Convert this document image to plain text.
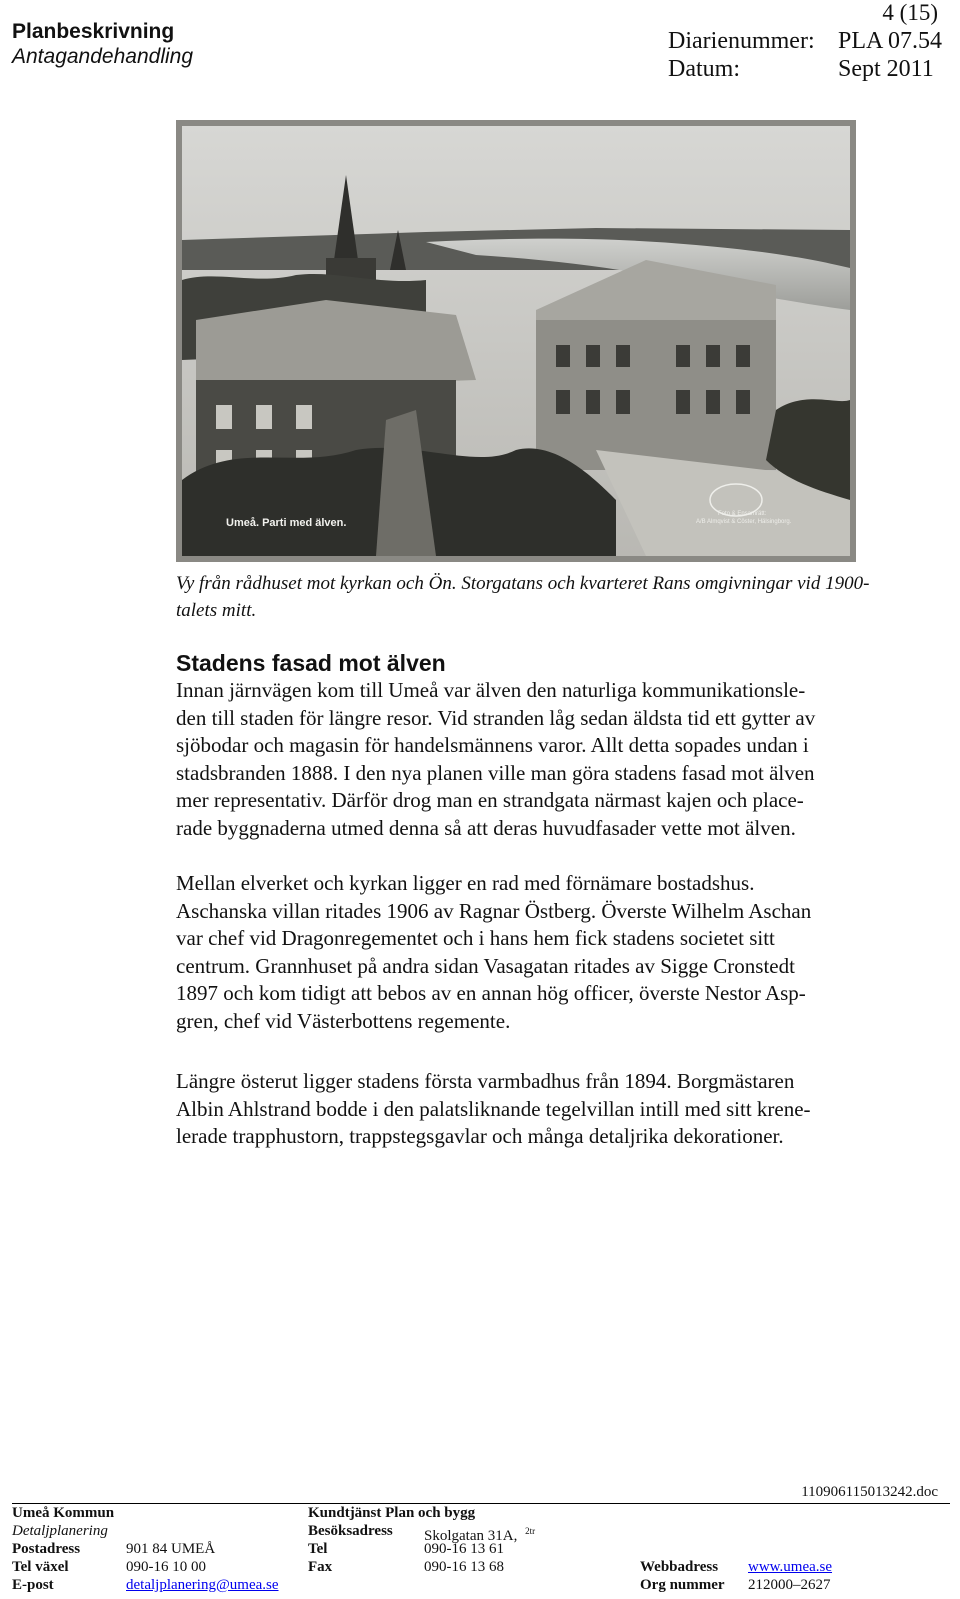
Planbeskrivning
Antagandehandling
4 (15)
Diarienummer: PLA 07.54
Datum:	Sept 2011
Foto & Ensamrätt:
A/B Almqvist & Cöster, Hälsingborg.
Umeå. Parti med älven.
Vy från rådhuset mot kyrkan och Ön. Storgatans och kvarteret Rans omgivningar vid 1900-
talets mitt.
Stadens fasad mot älven
Innan järnvägen kom till Umeå var älven den naturliga kommunikationsle-
den till staden för längre resor. Vid stranden låg sedan äldsta tid ett gytter av
sjöbodar och magasin för handelsmännens varor. Allt detta sopades undan i
stadsbranden 1888. I den nya planen ville man göra stadens fasad mot älven
mer representativ. Därför drog man en strandgata närmast kajen och place-
rade byggnaderna utmed denna så att deras huvudfasader vette mot älven.
Mellan elverket och kyrkan ligger en rad med förnämare bostadshus.
Aschanska villan ritades 1906 av Ragnar Östberg. Överste Wilhelm Aschan
var chef vid Dragonregementet och i hans hem fick stadens societet sitt
centrum. Grannhuset på andra sidan Vasagatan ritades av Sigge Cronstedt
1897 och kom tidigt att bebos av en annan hög officer, överste Nestor Asp-
gren, chef vid Västerbottens regemente.
Längre österut ligger stadens första varmbadhus från 1894. Borgmästaren
Albin Ahlstrand bodde i den palatsliknande tegelvillan intill med sitt krene-
lerade trapphustorn, trappstegsgavlar och många detaljrika dekorationer.
110906115013242.doc
Umeå Kommun
Detaljplanering
Postadress	901 84 UMEÅ
Tel växel	090-16 10 00
E-post	detaljplanering@umea.se
Kundtjänst Plan och bygg
Besöksadress Skolgatan 31A, $^{2tr}$
Tel	090-16 13 61
Fax	090-16 13 68	Webbadress www.umea.se
Org nummer 212000–2627
